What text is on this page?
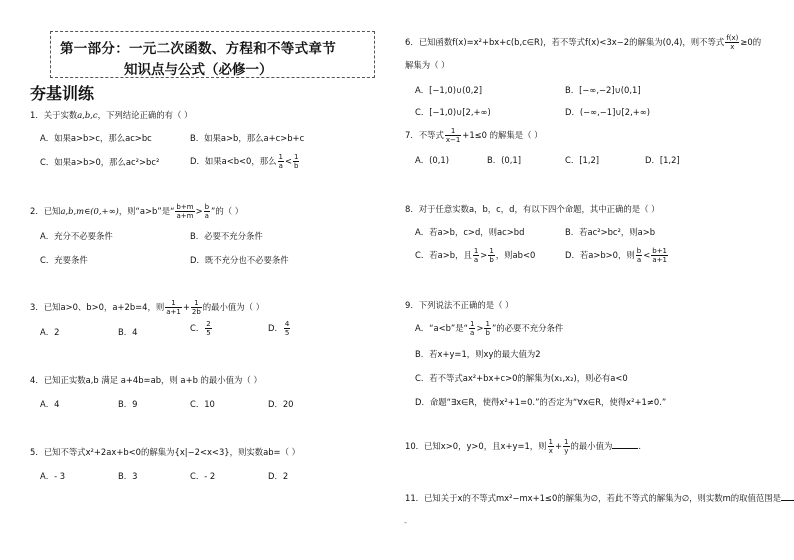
第一部分：一元二次函数、方程和不等式章节
知识点与公式（必修一）
夯基训练
1．关于实数a,b,c，下列结论正确的有（ ）
A．如果a>b>c，那么ac>bc	B．如果a>b，那么a+c>b+c
C．如果a>b>0，那么ac²>bc²	D．如果a<b<0，那么 $\frac{1}{a} < \frac{1}{b}$
2．已知a,b,m∈(0,+∞)，则“a>b”是“ $\frac{b+m}{a+m} > \frac{b}{a}$ ”的（ ）
A．充分不必要条件	B．必要不充分条件
C．充要条件	D．既不充分也不必要条件
3．已知a>0、b>0，a+2b=4，则 $\frac{1}{a+1} + \frac{1}{2b}$ 的最小值为（ ）
A．2	B．4	C． $\frac{2}{5}$	D． $\frac{4}{5}$
4．已知正实数a,b 满足 a+4b=ab，则 a+b 的最小值为（ ）
A．4	B．9	C．10	D．20
5．已知不等式x²+2ax+b<0的解集为{x|−2<x<3}，则实数ab=（ ）
A．- 3	B．3	C．- 2	D．2
6．已知函数f(x)=x²+bx+c(b,c∈R)，若不等式f(x)<3x−2的解集为(0,4)，则不等式 $\frac{f(x)}{x} \ge 0$的
解集为（ ）
A．[−1,0)∪(0,2]	B．[−∞,−2]∪(0,1]
C．[−1,0)∪[2,+∞)	D．(−∞,−1]∪[2,+∞)
7．不等式 $\frac{1}{x-1} +1\le 0$ 的解集是（ ）
A．(0,1)	B．(0,1]	C．[1,2]	D．[1,2]
8．对于任意实数a，b，c，d，有以下四个命题，其中正确的是（ ）
A．若a>b，c>d，则ac>bd	B．若ac²>bc²，则a>b
C．若a>b，且 $\frac{1}{a} > \frac{1}{b}$ ，则ab<0	D．若a>b>0，则 $\frac{b}{a} < \frac{b+1}{a+1}$
9．下列说法不正确的是（ ）
A．“a<b”是“ $\frac{1}{a} > \frac{1}{b}$ ”的必要不充分条件
B．若x+y=1，则xy的最大值为2
C．若不等式ax²+bx+c>0的解集为(x₁,x₂)，则必有a<0
D．命题“∃x∈R，使得x²+1=0.”的否定为“∀x∈R，使得x²+1≠0.”
10．已知x>0，y>0，且x+y=1，则 $\frac{1}{x} + \frac{1}{y}$ 的最小值为	.
11．已知关于x的不等式mx²−mx+1≤0的解集为∅，若此不等式的解集为∅，则实数m的取值范围是
-
